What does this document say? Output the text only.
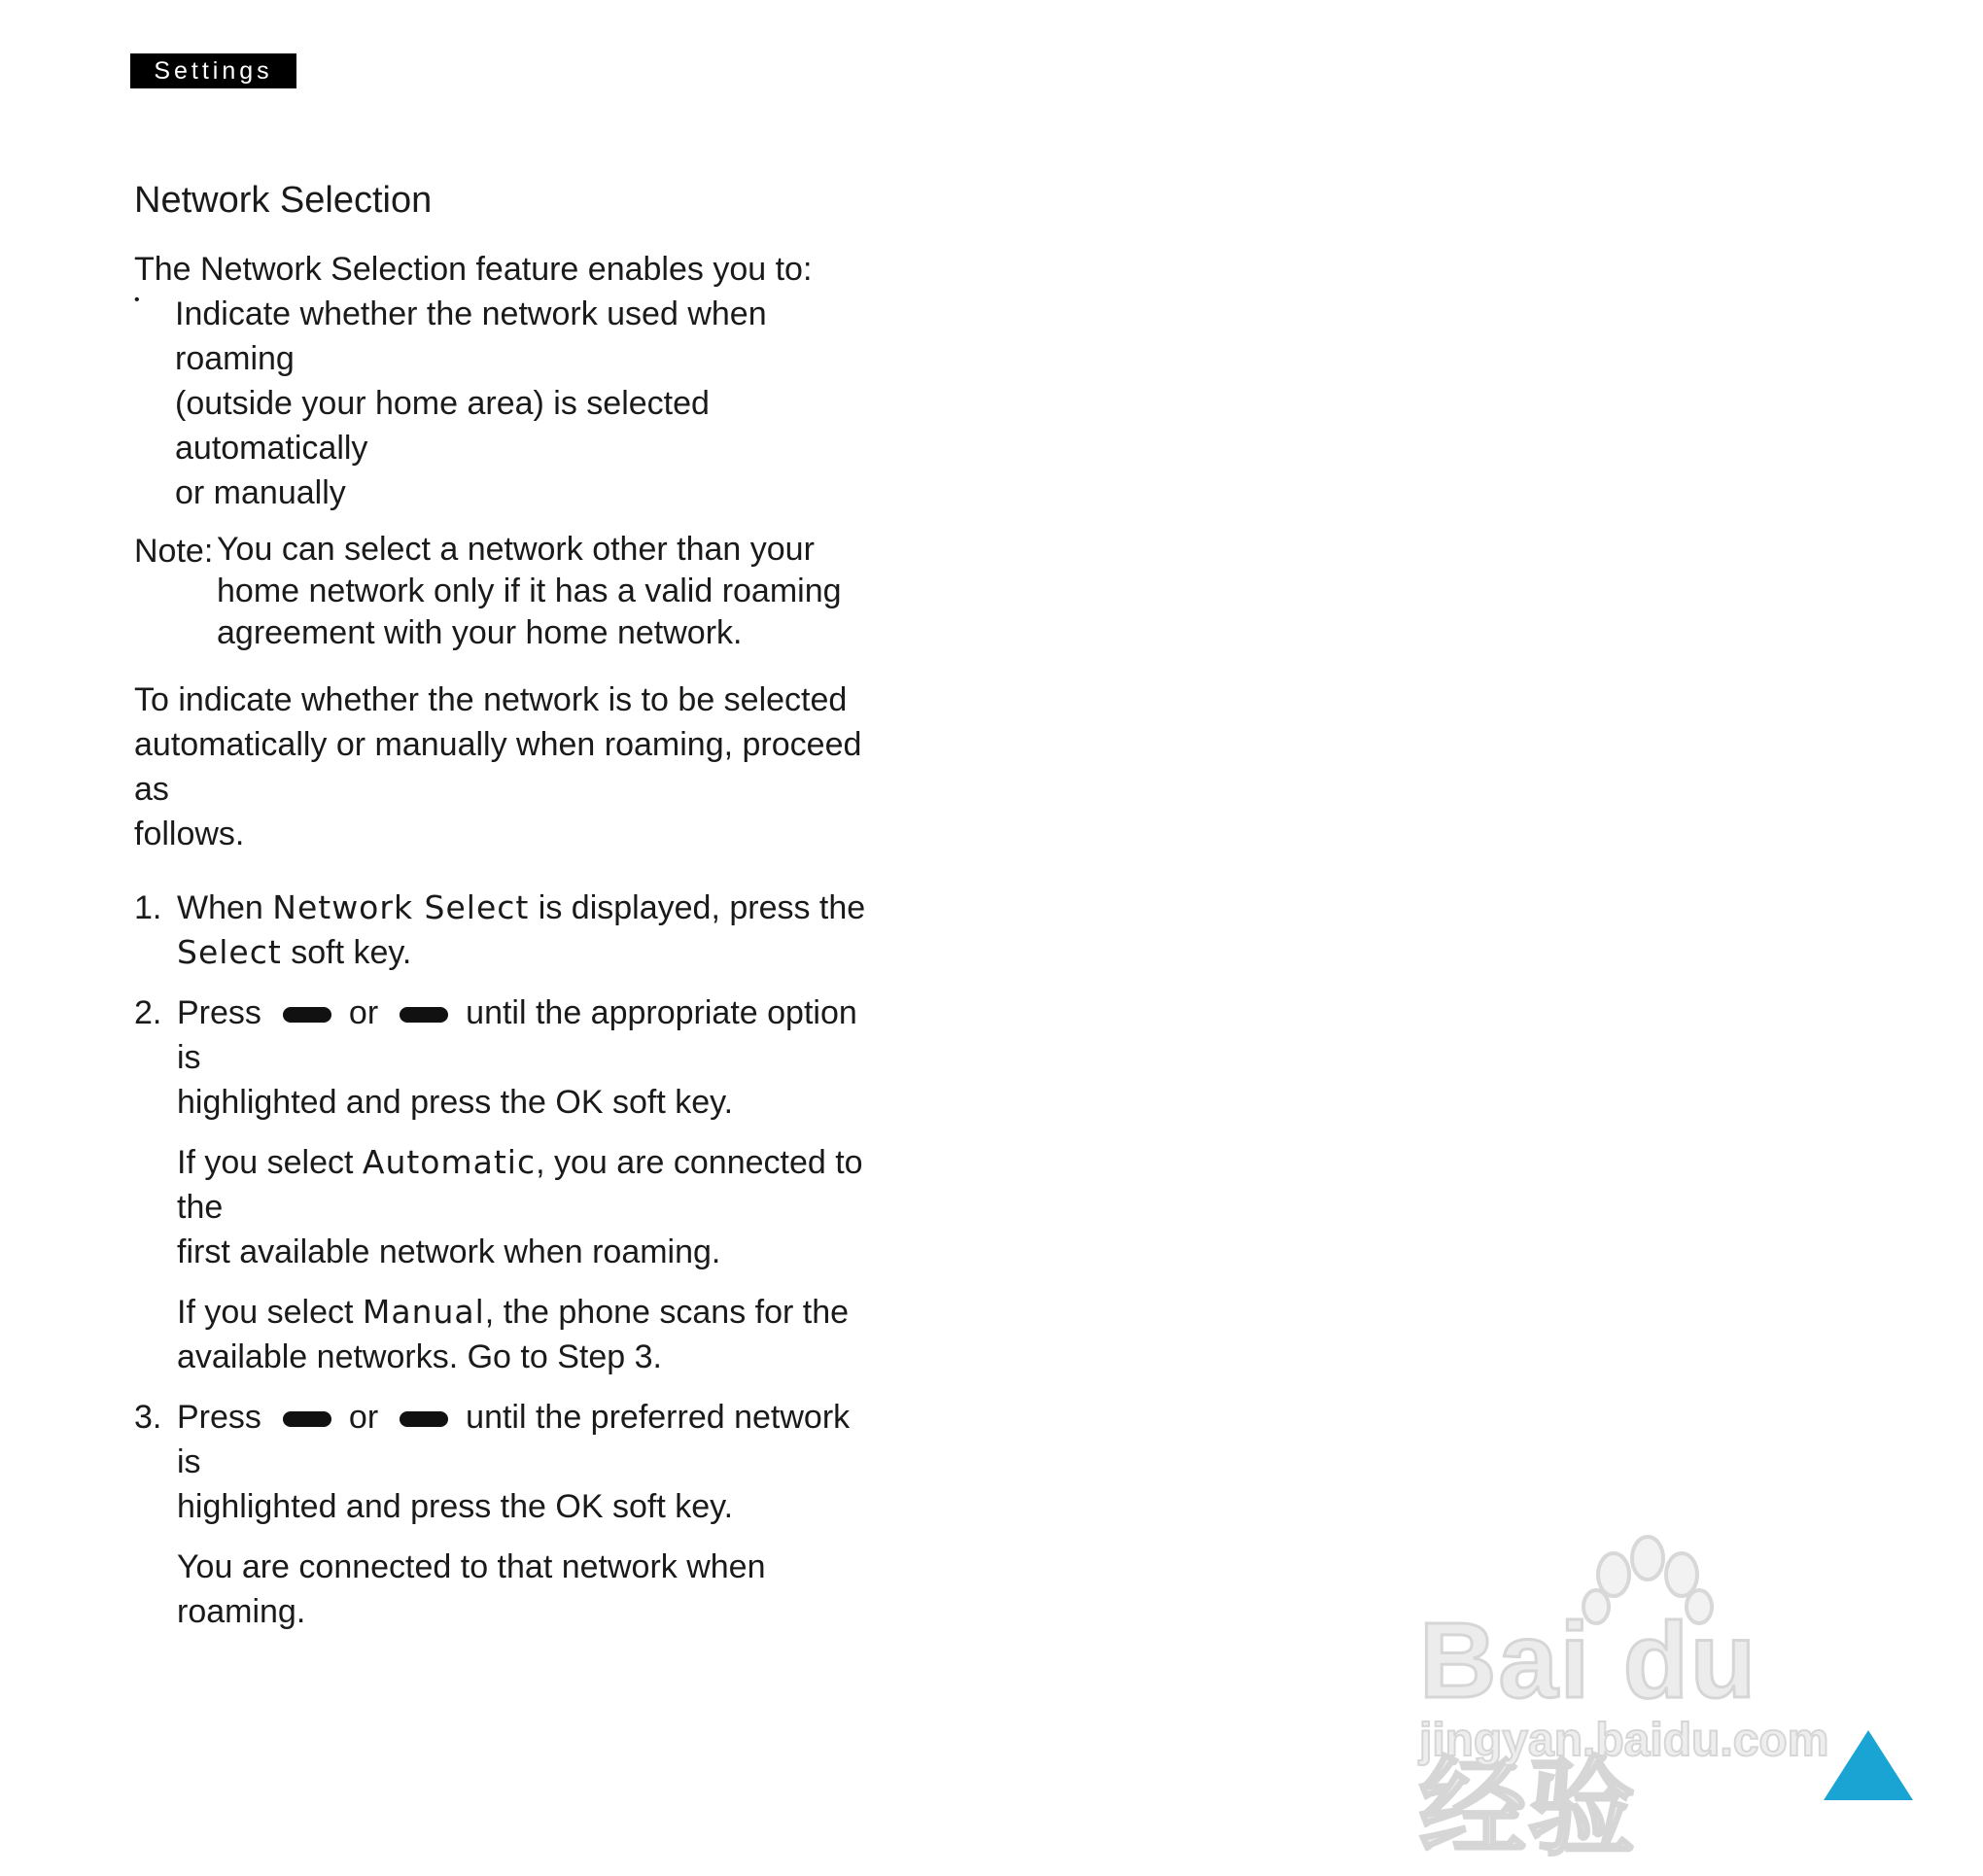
Settings
Network Selection

The Network Selection feature enables you to:

•	Indicate whether the network used when roaming
(outside your home area) is selected automatically
or manually
Note: You can select a network other than your
home network only if it has a valid roaming
agreement with your home network.
To indicate whether the network is to be selected
automatically or manually when roaming, proceed as
follows.
1. When Network Select is displayed, press the
Select soft key.
2. Press	or	until the appropriate option is
highlighted and press the OK soft key.
If you select Automatic, you are connected to the
first available network when roaming.
If you select Manual, the phone scans for the
available networks. Go to Step 3.
3. Press	or	until the preferred network is
highlighted and press the OK soft key.
You are connected to that network when roaming.	Bai du 经验
jingyan.baidu.com
